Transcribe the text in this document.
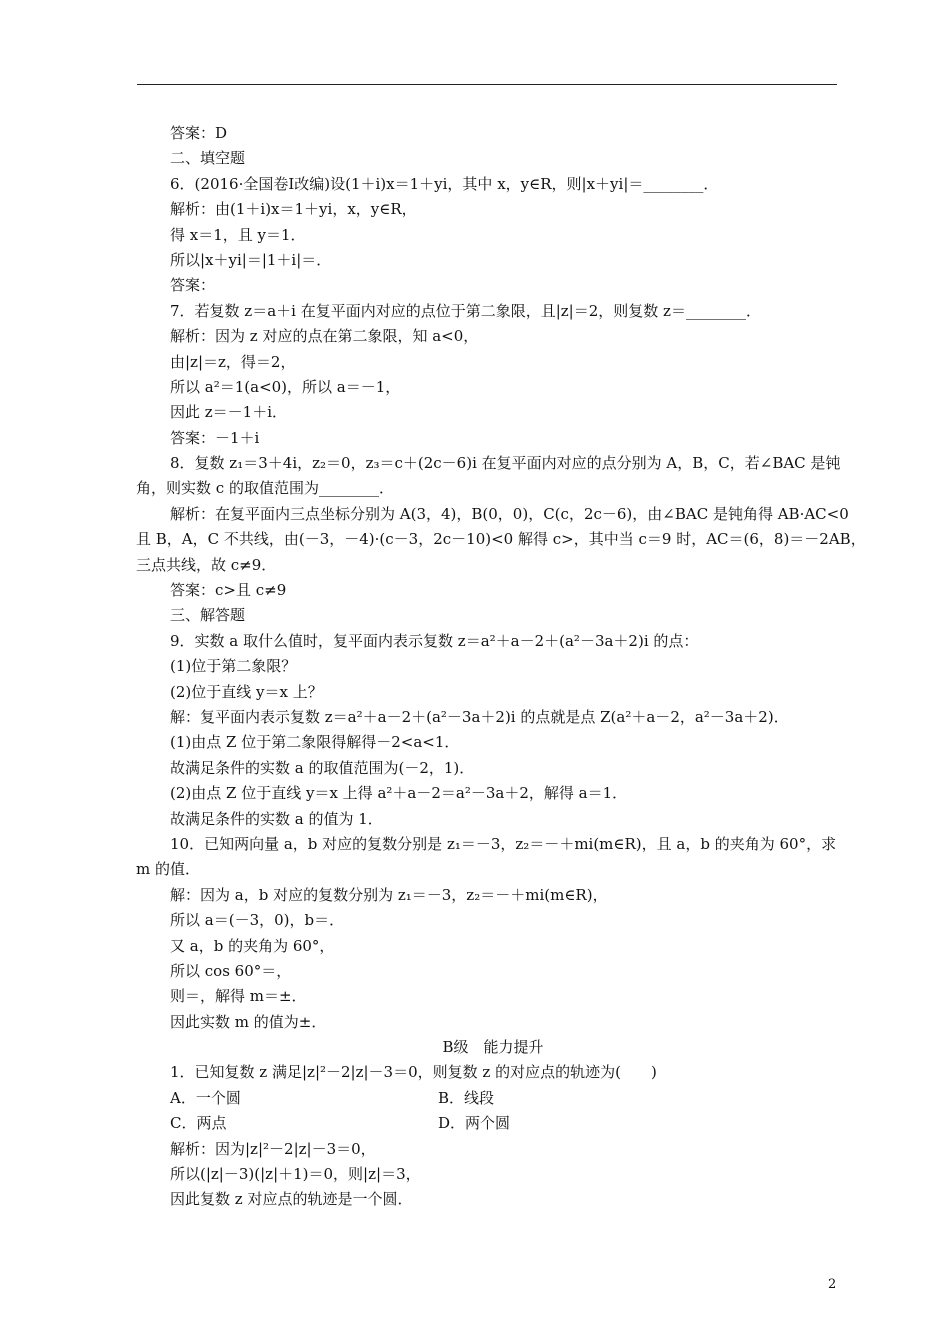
答案：D
二、填空题
6．(2016·全国卷Ⅰ改编)设(1＋i)x＝1＋yi，其中 x，y∈R，则|x＋yi|＝________．
解析：由(1＋i)x＝1＋yi，x，y∈R，
得 x＝1，且 y＝1．
所以|x＋yi|＝|1＋i|＝．
答案：
7．若复数 z＝a＋i 在复平面内对应的点位于第二象限，且|z|＝2，则复数 z＝________．
解析：因为 z 对应的点在第二象限，知 a<0，
由|z|＝z，得＝2，
所以 a²＝1(a<0)，所以 a＝－1，
因此 z＝－1＋i．
答案：－1＋i
8．复数 z₁＝3＋4i，z₂＝0，z₃＝c＋(2c－6)i 在复平面内对应的点分别为 A，B，C，若∠BAC 是钝
角，则实数 c 的取值范围为________．
解析：在复平面内三点坐标分别为 A(3，4)，B(0，0)，C(c，2c－6)，由∠BAC 是钝角得 AB·AC<0
且 B，A，C 不共线，由(－3，－4)·(c－3，2c－10)<0 解得 c>，其中当 c＝9 时，AC＝(6，8)＝－2AB，
三点共线，故 c≠9．
答案：c>且 c≠9
三、解答题
9．实数 a 取什么值时，复平面内表示复数 z＝a²＋a－2＋(a²－3a＋2)i 的点：
(1)位于第二象限？
(2)位于直线 y＝x 上？
解：复平面内表示复数 z＝a²＋a－2＋(a²－3a＋2)i 的点就是点 Z(a²＋a－2，a²－3a＋2)．
(1)由点 Z 位于第二象限得解得－2<a<1．
故满足条件的实数 a 的取值范围为(－2，1)．
(2)由点 Z 位于直线 y＝x 上得 a²＋a－2＝a²－3a＋2，解得 a＝1．
故满足条件的实数 a 的值为 1．
10．已知两向量 a，b 对应的复数分别是 z₁＝－3，z₂＝－＋mi(m∈R)，且 a，b 的夹角为 60°，求
m 的值．
解：因为 a，b 对应的复数分别为 z₁＝－3，z₂＝－＋mi(m∈R)，
所以 a＝(－3，0)，b＝．
又 a，b 的夹角为 60°，
所以 cos 60°＝，
则＝，解得 m＝±．
因此实数 m 的值为±．
B级　能力提升
1．已知复数 z 满足|z|²－2|z|－3＝0，则复数 z 的对应点的轨迹为(　　)
A．一个圆	B．线段
C．两点	D．两个圆
解析：因为|z|²－2|z|－3＝0，
所以(|z|－3)(|z|＋1)＝0，则|z|＝3，
因此复数 z 对应点的轨迹是一个圆．
2
